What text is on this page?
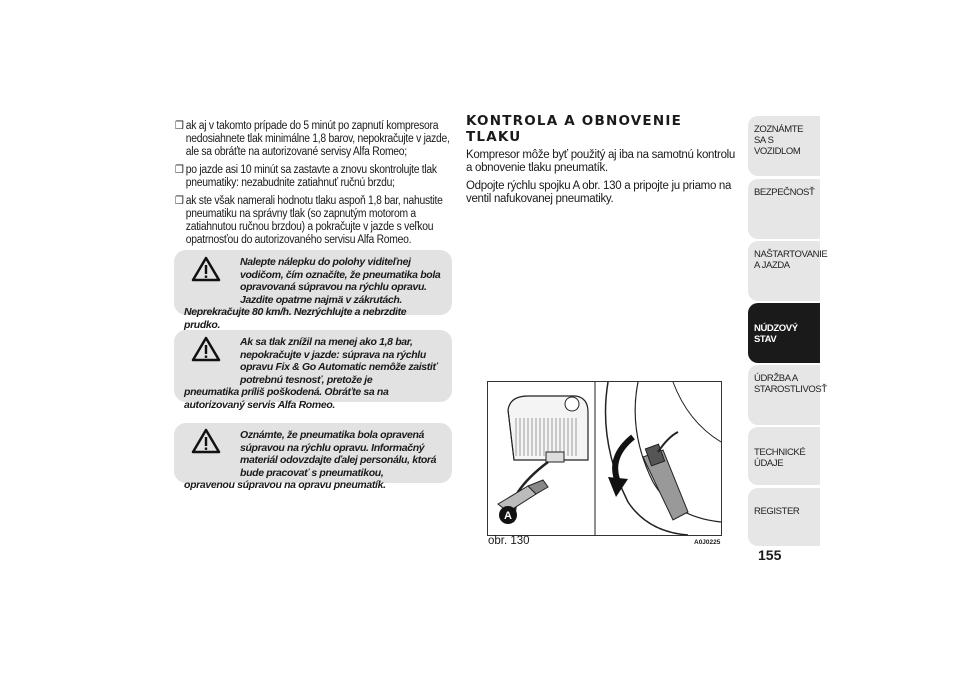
❒ ak aj v takomto prípade do 5 minút po zapnutí kompresora nedosiahnete tlak minimálne 1,8 barov, nepokračujte v jazde, ale sa obráťte na autorizované servisy Alfa Romeo;
❒ po jazde asi 10 minút sa zastavte a znovu skontrolujte tlak pneumatiky: nezabudnite zatiahnuť ručnú brzdu;
❒ ak ste však namerali hodnotu tlaku aspoň 1,8 bar, nahustite pneumatiku na správny tlak (so zapnutým motorom a zatiahnutou ručnou brzdou) a pokračujte v jazde s veľkou opatrnosťou do autorizovaného servisu Alfa Romeo.
Nalepte nálepku do polohy viditeľnej vodičom, čím označíte, že pneumatika bola opravovaná súpravou na rýchlu opravu. Jazdite opatrne najmä v zákrutách.
Neprekračujte 80 km/h. Nezrýchlujte a nebrzdite prudko.
Ak sa tlak znížil na menej ako 1,8 bar, nepokračujte v jazde: súprava na rýchlu opravu Fix & Go Automatic nemôže zaistiť potrebnú tesnosť, pretože je
pneumatika príliš poškodená. Obráťte sa na autorizovaný servis Alfa Romeo.
Oznámte, že pneumatika bola opravená súpravou na rýchlu opravu. Informačný materiál odovzdajte ďalej personálu, ktorá bude pracovať s pneumatikou,
opravenou súpravou na opravu pneumatík.
KONTROLA A OBNOVENIE TLAKU
Kompresor môže byť použitý aj iba na samotnú kontrolu a obnovenie tlaku pneumatík.
Odpojte rýchlu spojku A obr. 130 a pripojte ju priamo na ventil nafukovanej pneumatiky.
A
obr. 130	A0J0225
ZOZNÁMTE SA S VOZIDLOM
BEZPEČNOSŤ
NAŠTARTOVANIE A JAZDA
NÚDZOVÝ STAV
ÚDRŽBA A STAROSTLIVOSŤ
TECHNICKÉ ÚDAJE
REGISTER
155
